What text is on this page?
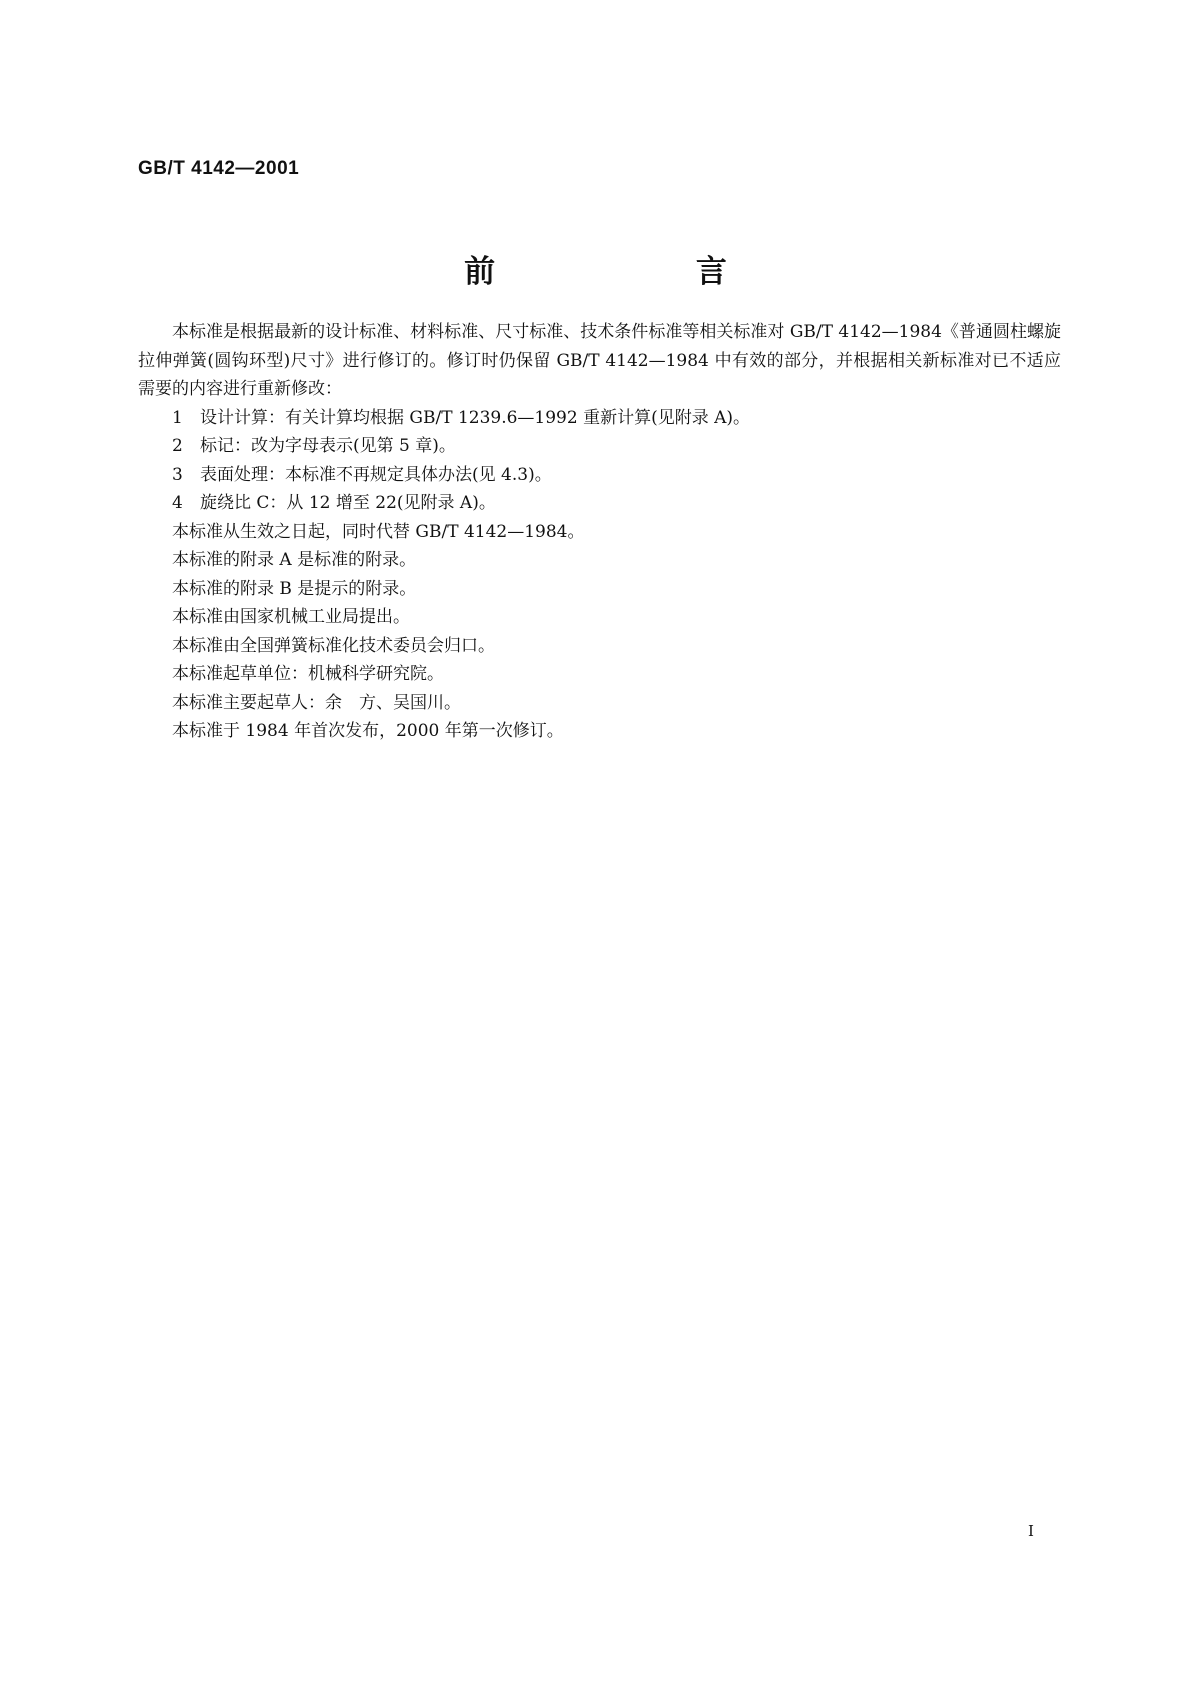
GB/T 4142—2001
前 言

本标准是根据最新的设计标准、材料标准、尺寸标准、技术条件标准等相关标准对 GB/T 4142—1984《普通圆柱螺旋拉伸弹簧(圆钩环型)尺寸》进行修订的。修订时仍保留 GB/T 4142—1984 中有效的部分，并根据相关新标准对已不适应需要的内容进行重新修改：

1 设计计算：有关计算均根据 GB/T 1239.6—1992 重新计算(见附录 A)。
2 标记：改为字母表示(见第 5 章)。
3 表面处理：本标准不再规定具体办法(见 4.3)。
4 旋绕比 C：从 12 增至 22(见附录 A)。

本标准从生效之日起，同时代替 GB/T 4142—1984。

本标准的附录 A 是标准的附录。

本标准的附录 B 是提示的附录。

本标准由国家机械工业局提出。

本标准由全国弹簧标准化技术委员会归口。

本标准起草单位：机械科学研究院。

本标准主要起草人：余　方、吴国川。

本标准于 1984 年首次发布，2000 年第一次修订。

I
